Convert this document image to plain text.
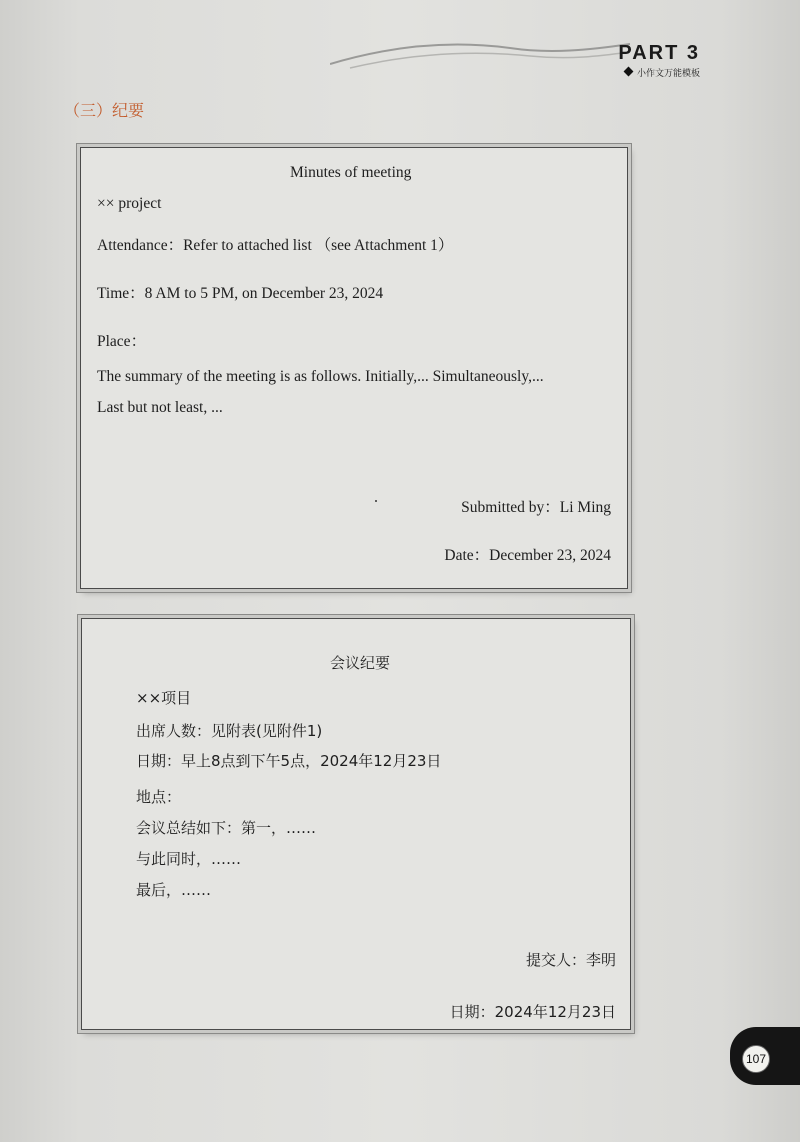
PART 3
小作文万能模板
（三）纪要
Minutes of meeting
×× project
Attendance：Refer to attached list （see Attachment 1）
Time：8 AM to 5 PM, on December 23, 2024
Place：
The summary of the meeting is as follows. Initially,... Simultaneously,...
Last but not least, ...
Submitted by：Li Ming
Date：December 23, 2024
会议纪要
××项目
出席人数：见附表(见附件1)
日期：早上8点到下午5点，2024年12月23日
地点：
会议总结如下：第一，……
与此同时，……
最后，……
提交人：李明
日期：2024年12月23日
107
